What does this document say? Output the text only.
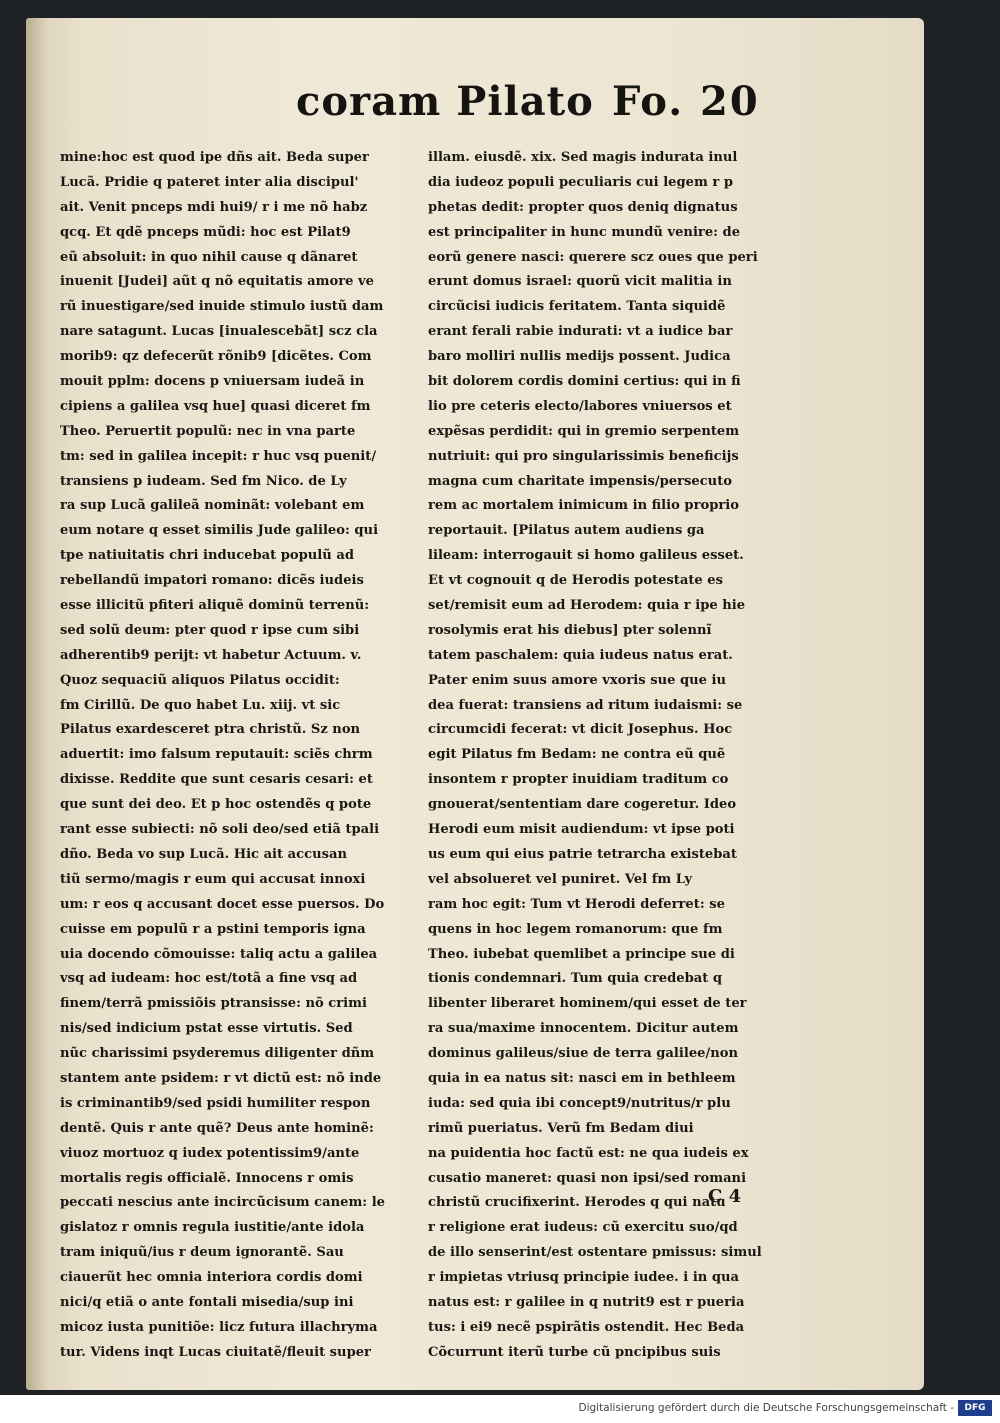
coram Pilato Fo. 20
mine:hoc est quod ipe dñs ait. Beda super
Lucã. Pridie q pateret inter alia discipul'
ait. Venit pnceps mdi hui9/ r i me nõ habz
qcq. Et qdẽ pnceps mũdi: hoc est Pilat9
eũ absoluit: in quo nihil cause q dãnaret
inuenit [Judei] aũt q nõ equitatis amore ve
rũ inuestigare/sed inuide stimulo iustũ dam
nare satagunt. Lucas [inualescebãt] scz cla
morib9: qz defecerũt rõnib9 [dicẽtes. Com
mouit pplm: docens p vniuersam iudeã in
cipiens a galilea vsq hue] quasi diceret fm
Theo. Peruertit populũ: nec in vna parte
tm: sed in galilea incepit: r huc vsq puenit/
transiens p iudeam. Sed fm Nico. de Ly
ra sup Lucã galileã nominãt: volebant em
eum notare q esset similis Jude galileo: qui
tpe natiuitatis chri inducebat populũ ad
rebellandũ impatori romano: dicẽs iudeis
esse illicitũ pfiteri aliquẽ dominũ terrenũ:
sed solũ deum: pter quod r ipse cum sibi
adherentib9 perijt: vt habetur Actuum. v.
Quoz sequaciũ aliquos Pilatus occidit:
fm Cirillũ. De quo habet Lu. xiij. vt sic
Pilatus exardesceret ptra christũ. Sz non
aduertit: imo falsum reputauit: sciẽs chrm
dixisse. Reddite que sunt cesaris cesari: et
que sunt dei deo. Et p hoc ostendẽs q pote
rant esse subiecti: nõ soli deo/sed etiã tpali
dño. Beda vo sup Lucã. Hic ait accusan
tiũ sermo/magis r eum qui accusat innoxi
um: r eos q accusant docet esse puersos. Do
cuisse em populũ r a pstini temporis igna
uia docendo cõmouisse: taliq actu a galilea
vsq ad iudeam: hoc est/totã a fine vsq ad
finem/terrã pmissiõis ptransisse: nõ crimi
nis/sed indicium pstat esse virtutis. Sed
nũc charissimi psyderemus diligenter dñm
stantem ante psidem: r vt dictũ est: nõ inde
is criminantib9/sed psidi humiliter respon
dentẽ. Quis r ante quẽ? Deus ante hominẽ:
viuoz mortuoz q iudex potentissim9/ante
mortalis regis officialẽ. Innocens r omis
peccati nescius ante incircũcisum canem: le
gislatoz r omnis regula iustitie/ante idola
tram iniquũ/ius r deum ignorantẽ. Sau
ciauerũt hec omnia interiora cordis domi
nici/q etiã o ante fontali misedia/sup ini
micoz iusta punitiõe: licz futura illachryma
tur. Videns inqt Lucas ciuitatẽ/fleuit super
illam. eiusdẽ. xix. Sed magis indurata inul
dia iudeoz populi peculiaris cui legem r p
phetas dedit: propter quos deniq dignatus
est principaliter in hunc mundũ venire: de
eorũ genere nasci: querere scz oues que peri
erunt domus israel: quorũ vicit malitia in
circũcisi iudicis feritatem. Tanta siquidẽ
erant ferali rabie indurati: vt a iudice bar
baro molliri nullis medijs possent. Judica
bit dolorem cordis domini certius: qui in fi
lio pre ceteris electo/labores vniuersos et
expẽsas perdidit: qui in gremio serpentem
nutriuit: qui pro singularissimis beneficijs
magna cum charitate impensis/persecuto
rem ac mortalem inimicum in filio proprio
reportauit. [Pilatus autem audiens ga
lileam: interrogauit si homo galileus esset.
Et vt cognouit q de Herodis potestate es
set/remisit eum ad Herodem: quia r ipe hie
rosolymis erat his diebus] pter solennĩ
tatem paschalem: quia iudeus natus erat.
Pater enim suus amore vxoris sue que iu
dea fuerat: transiens ad ritum iudaismi: se
circumcidi fecerat: vt dicit Josephus. Hoc
egit Pilatus fm Bedam: ne contra eũ quẽ
insontem r propter inuidiam traditum co
gnouerat/sententiam dare cogeretur. Ideo
Herodi eum misit audiendum: vt ipse poti
us eum qui eius patrie tetrarcha existebat
vel absolueret vel puniret. Vel fm Ly
ram hoc egit: Tum vt Herodi deferret: se
quens in hoc legem romanorum: que fm
Theo. iubebat quemlibet a principe sue di
tionis condemnari. Tum quia credebat q
libenter liberaret hominem/qui esset de ter
ra sua/maxime innocentem. Dicitur autem
dominus galileus/siue de terra galilee/non
quia in ea natus sit: nasci em in bethleem
iuda: sed quia ibi concept9/nutritus/r plu
rimũ pueriatus. Verũ fm Bedam diui
na puidentia hoc factũ est: ne qua iudeis ex
cusatio maneret: quasi non ipsi/sed romani
christũ crucifixerint. Herodes q qui natu
r religione erat iudeus: cũ exercitu suo/qd
de illo senserint/est ostentare pmissus: simul
r impietas vtriusq principie iudee. i in qua
natus est: r galilee in q nutrit9 est r pueria
tus: i ei9 necẽ pspirãtis ostendit. Hec Beda
Cõcurrunt iterũ turbe cũ pncipibus suis
C 4
Digitalisierung gefördert durch die Deutsche Forschungsgemeinschaft -	DFG
